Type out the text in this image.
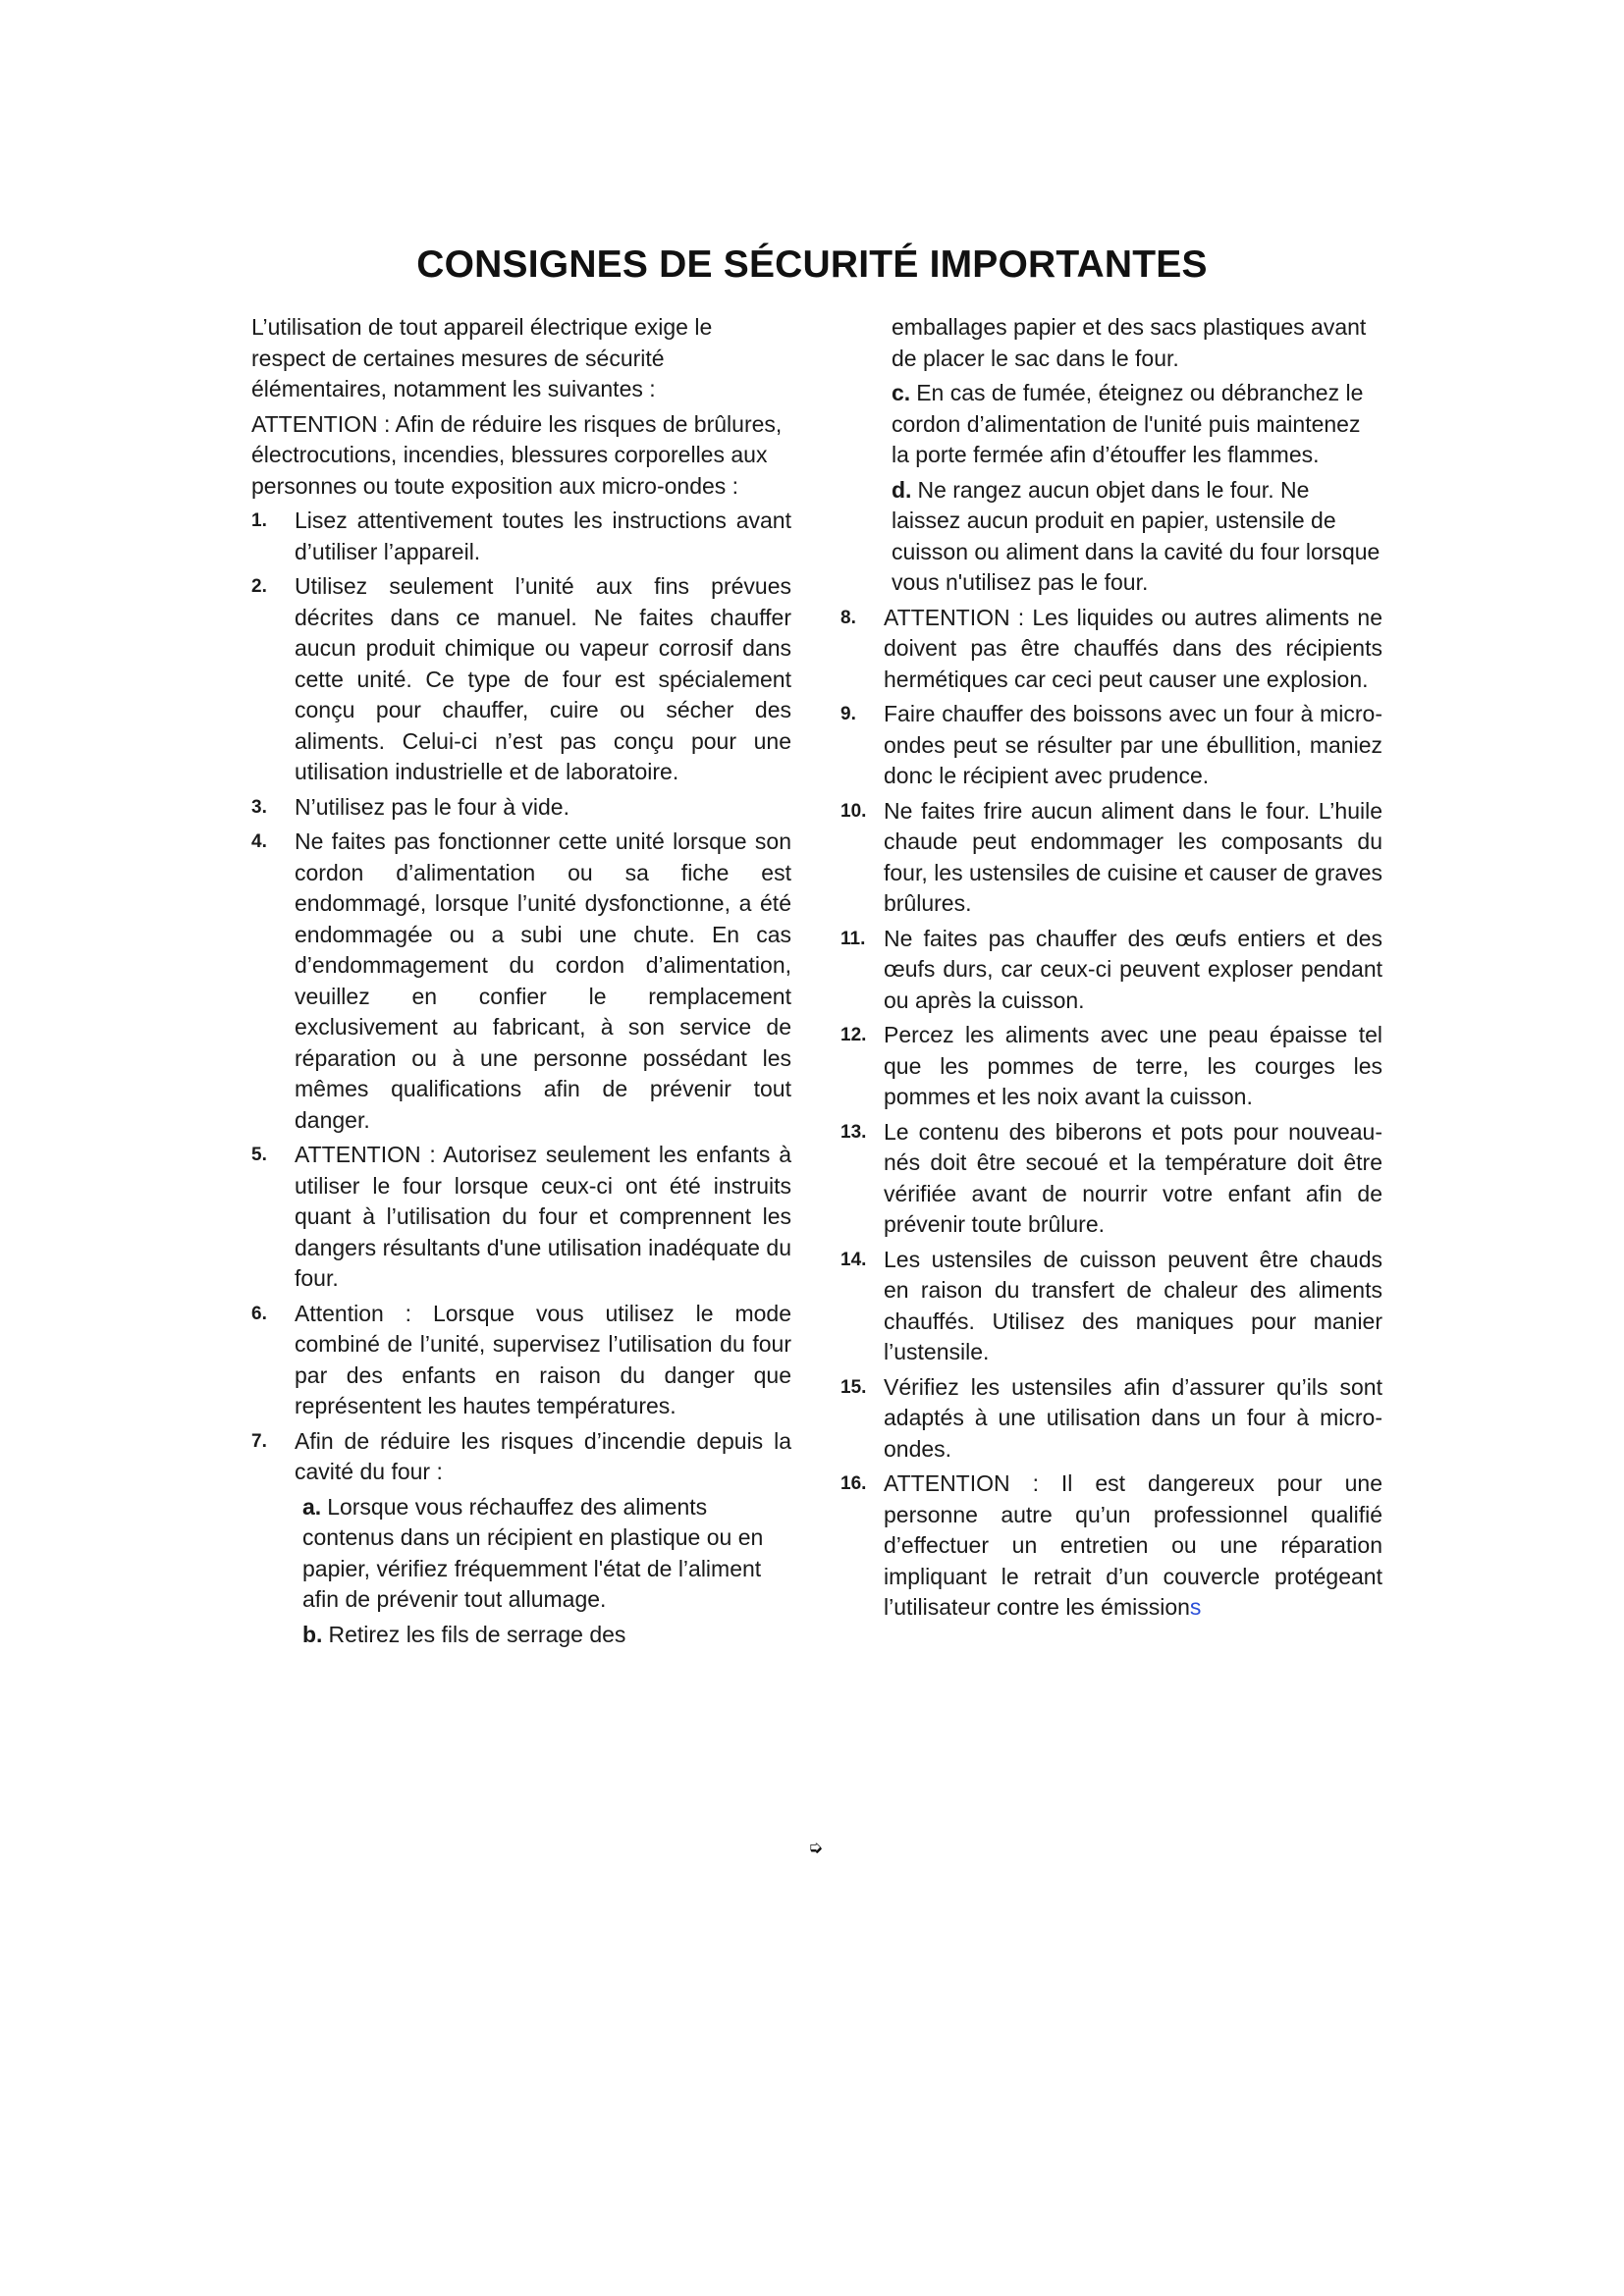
CONSIGNES DE SÉCURITÉ IMPORTANTES

L’utilisation de tout appareil électrique exige le respect de certaines mesures de sécurité élémentaires, notamment les suivantes :

ATTENTION : Afin de réduire les risques de brûlures, électrocutions, incendies, blessures corporelles aux personnes ou toute exposition aux micro-ondes :

1. Lisez attentivement toutes les instructions avant d’utiliser l’appareil.
2. Utilisez seulement l’unité aux fins prévues décrites dans ce manuel. Ne faites chauffer aucun produit chimique ou vapeur corrosif dans cette unité. Ce type de four est spécialement conçu pour chauffer, cuire ou sécher des aliments. Celui-ci n’est pas conçu pour une utilisation industrielle et de laboratoire.
3. N’utilisez pas le four à vide.
4. Ne faites pas fonctionner cette unité lorsque son cordon d’alimentation ou sa fiche est endommagé, lorsque l’unité dysfonctionne, a été endommagée ou a subi une chute. En cas d’endommagement du cordon d’alimentation, veuillez en confier le remplacement exclusivement au fabricant, à son service de réparation ou à une personne possédant les mêmes qualifications afin de prévenir tout danger.
5. ATTENTION : Autorisez seulement les enfants à utiliser le four lorsque ceux-ci ont été instruits quant à l’utilisation du four et comprennent les dangers résultants d'une utilisation inadéquate du four.
6. Attention : Lorsque vous utilisez le mode combiné de l’unité, supervisez l’utilisation du four par des enfants en raison du danger que représentent les hautes températures.
7. Afin de réduire les risques d’incendie depuis la cavité du four :

a. Lorsque vous réchauffez des aliments contenus dans un récipient en plastique ou en papier, vérifiez fréquemment l'état de l’aliment afin de prévenir tout allumage.

b. Retirez les fils de serrage des

emballages papier et des sacs plastiques avant de placer le sac dans le four.

c. En cas de fumée, éteignez ou débranchez le cordon d’alimentation de l'unité puis maintenez la porte fermée afin d’étouffer les flammes.

d. Ne rangez aucun objet dans le four. Ne laissez aucun produit en papier, ustensile de cuisson ou aliment dans la cavité du four lorsque vous n'utilisez pas le four.

8. ATTENTION : Les liquides ou autres aliments ne doivent pas être chauffés dans des récipients hermétiques car ceci peut causer une explosion.
9. Faire chauffer des boissons avec un four à micro-ondes peut se résulter par une ébullition, maniez donc le récipient avec prudence.
10. Ne faites frire aucun aliment dans le four. L’huile chaude peut endommager les composants du four, les ustensiles de cuisine et causer de graves brûlures.
11. Ne faites pas chauffer des œufs entiers et des œufs durs, car ceux-ci peuvent exploser pendant ou après la cuisson.
12. Percez les aliments avec une peau épaisse tel que les pommes de terre, les courges les pommes et les noix avant la cuisson.
13. Le contenu des biberons et pots pour nouveau-nés doit être secoué et la température doit être vérifiée avant de nourrir votre enfant afin de prévenir toute brûlure.
14. Les ustensiles de cuisson peuvent être chauds en raison du transfert de chaleur des aliments chauffés. Utilisez des maniques pour manier l’ustensile.
15. Vérifiez les ustensiles afin d’assurer qu’ils sont adaptés à une utilisation dans un four à micro-ondes.
16. ATTENTION : Il est dangereux pour une personne autre qu’un professionnel qualifié d’effectuer un entretien ou une réparation impliquant le retrait d’un couvercle protégeant l’utilisateur contre les émissions
➭
